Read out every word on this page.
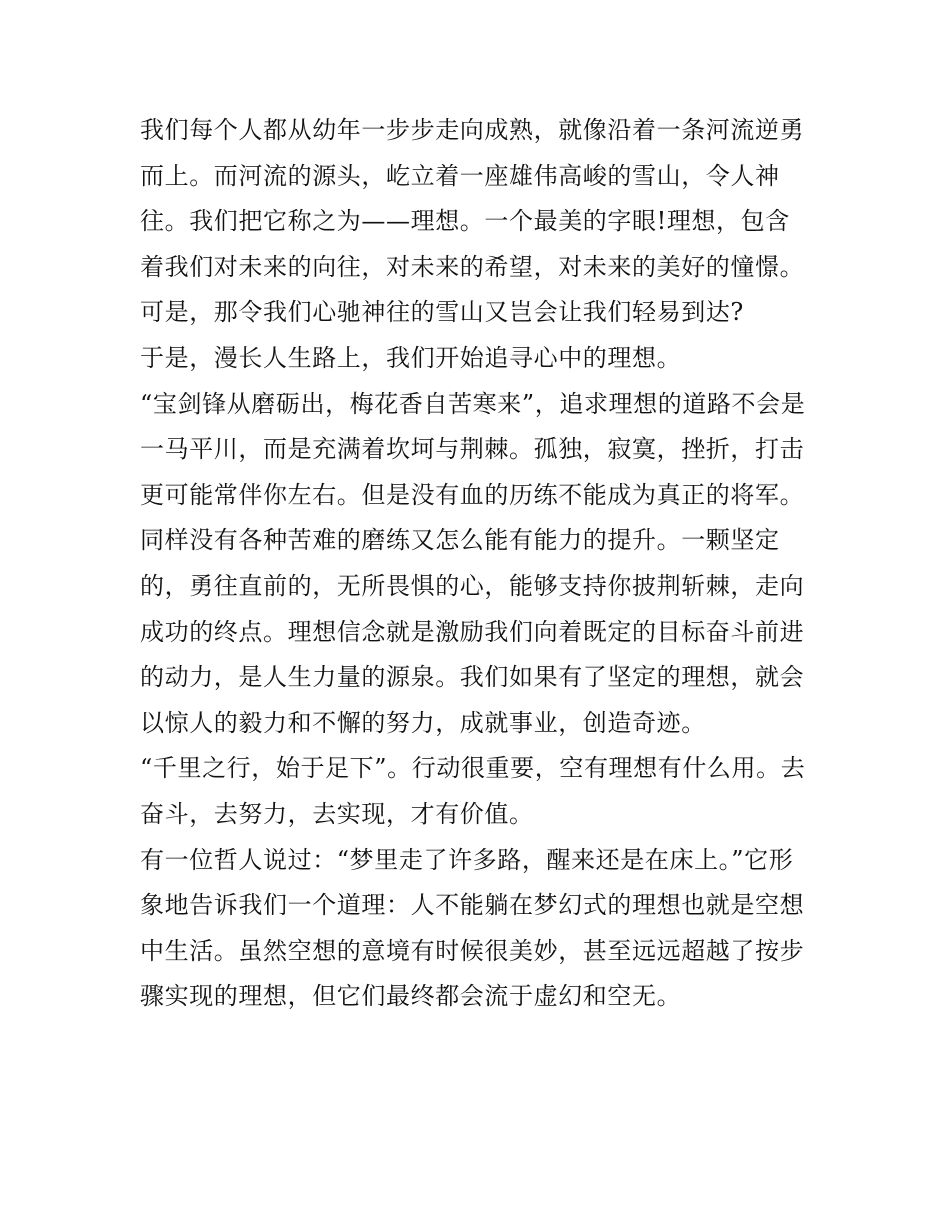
我们每个人都从幼年一步步走向成熟，就像沿着一条河流逆勇
而上。而河流的源头，屹立着一座雄伟高峻的雪山，令人神
往。我们把它称之为——理想。一个最美的字眼!理想，包含
着我们对未来的向往，对未来的希望，对未来的美好的憧憬。
可是，那令我们心驰神往的雪山又岂会让我们轻易到达?
于是，漫长人生路上，我们开始追寻心中的理想。
“宝剑锋从磨砺出，梅花香自苦寒来”，追求理想的道路不会是
一马平川，而是充满着坎坷与荆棘。孤独，寂寞，挫折，打击
更可能常伴你左右。但是没有血的历练不能成为真正的将军。
同样没有各种苦难的磨练又怎么能有能力的提升。一颗坚定
的，勇往直前的，无所畏惧的心，能够支持你披荆斩棘，走向
成功的终点。理想信念就是激励我们向着既定的目标奋斗前进
的动力，是人生力量的源泉。我们如果有了坚定的理想，就会
以惊人的毅力和不懈的努力，成就事业，创造奇迹。
“千里之行，始于足下”。行动很重要，空有理想有什么用。去
奋斗，去努力，去实现，才有价值。
有一位哲人说过：“梦里走了许多路，醒来还是在床上。”它形
象地告诉我们一个道理：人不能躺在梦幻式的理想也就是空想
中生活。虽然空想的意境有时候很美妙，甚至远远超越了按步
骤实现的理想，但它们最终都会流于虚幻和空无。
